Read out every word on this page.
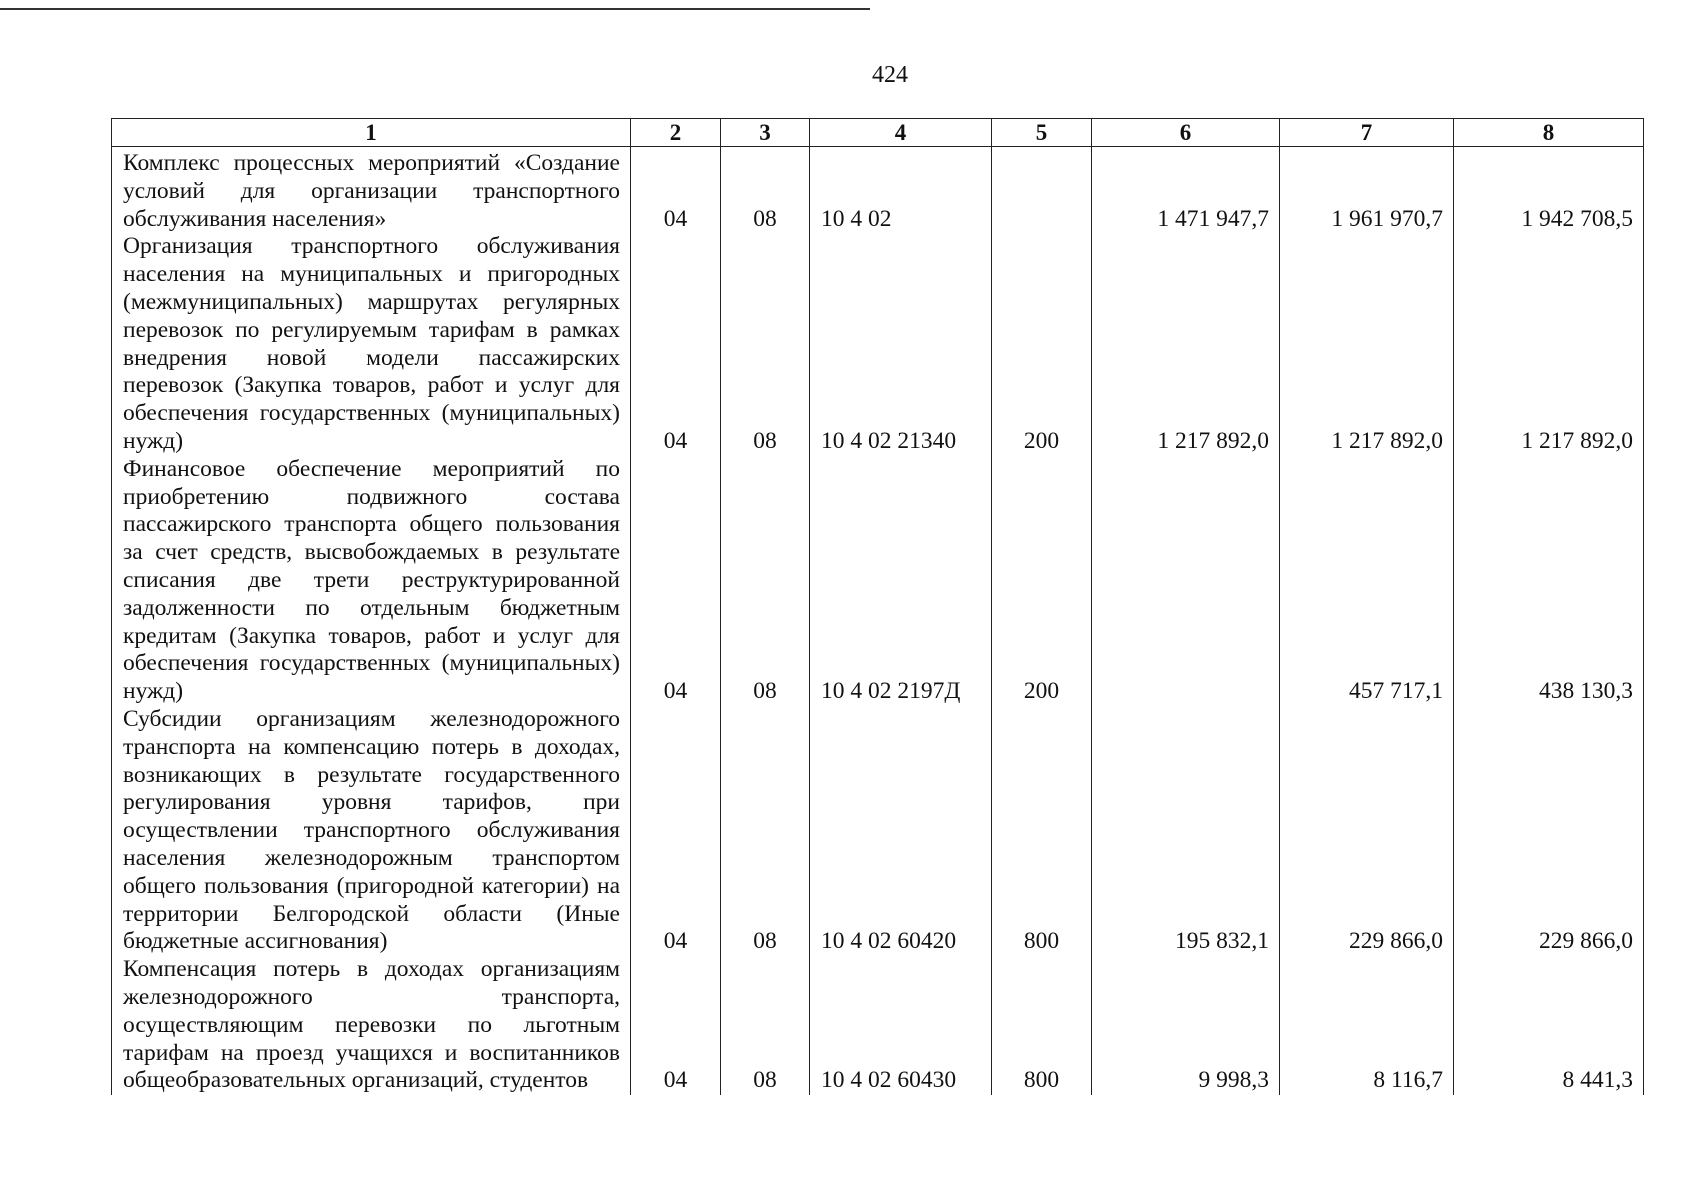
424
1	2	3	4	5	6	7	8
Комплекс процессных мероприятий «Создание условий для организации транспортного обслуживания населения»	04	08	10 4 02		1 471 947,7	1 961 970,7	1 942 708,5
Организация транспортного обслуживания населения на муниципальных и пригородных (межмуниципальных) маршрутах регулярных перевозок по регулируемым тарифам в рамках внедрения новой модели пассажирских перевозок (Закупка товаров, работ и услуг для обеспечения государственных (муниципальных) нужд)	04	08	10 4 02 21340	200	1 217 892,0	1 217 892,0	1 217 892,0
Финансовое обеспечение мероприятий по приобретению подвижного состава пассажирского транспорта общего пользования за счет средств, высвобождаемых в результате списания две трети реструктурированной задолженности по отдельным бюджетным кредитам (Закупка товаров, работ и услуг для обеспечения государственных (муниципальных) нужд)	04	08	10 4 02 2197Д	200		457 717,1	438 130,3
Субсидии организациям железнодорожного транспорта на компенсацию потерь в доходах, возникающих в результате государственного регулирования уровня тарифов, при осуществлении транспортного обслуживания населения железнодорожным транспортом общего пользования (пригородной категории) на территории Белгородской области (Иные бюджетные ассигнования)	04	08	10 4 02 60420	800	195 832,1	229 866,0	229 866,0
Компенсация потерь в доходах организациям железнодорожного транспорта, осуществляющим перевозки по льготным тарифам на проезд учащихся и воспитанников общеобразовательных организаций, студентов	04	08	10 4 02 60430	800	9 998,3	8 116,7	8 441,3
